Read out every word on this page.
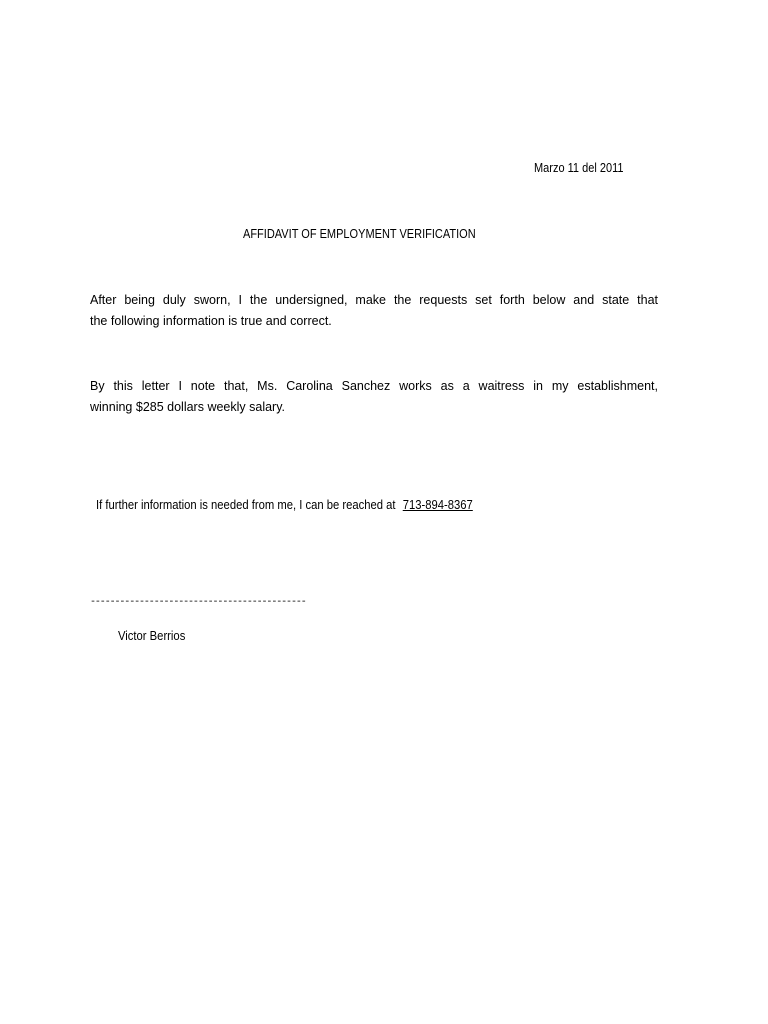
Marzo 11 del 2011
AFFIDAVIT OF EMPLOYMENT VERIFICATION
After being duly sworn, I the undersigned, make the requests set forth below and state that
the following information is true and correct.
By this letter I note that, Ms. Carolina Sanchez works as a waitress in my establishment,
winning $285 dollars weekly salary.
If further information is needed from me, I can be reached at 713-894-8367
--------------------------------------------
Victor Berrios
